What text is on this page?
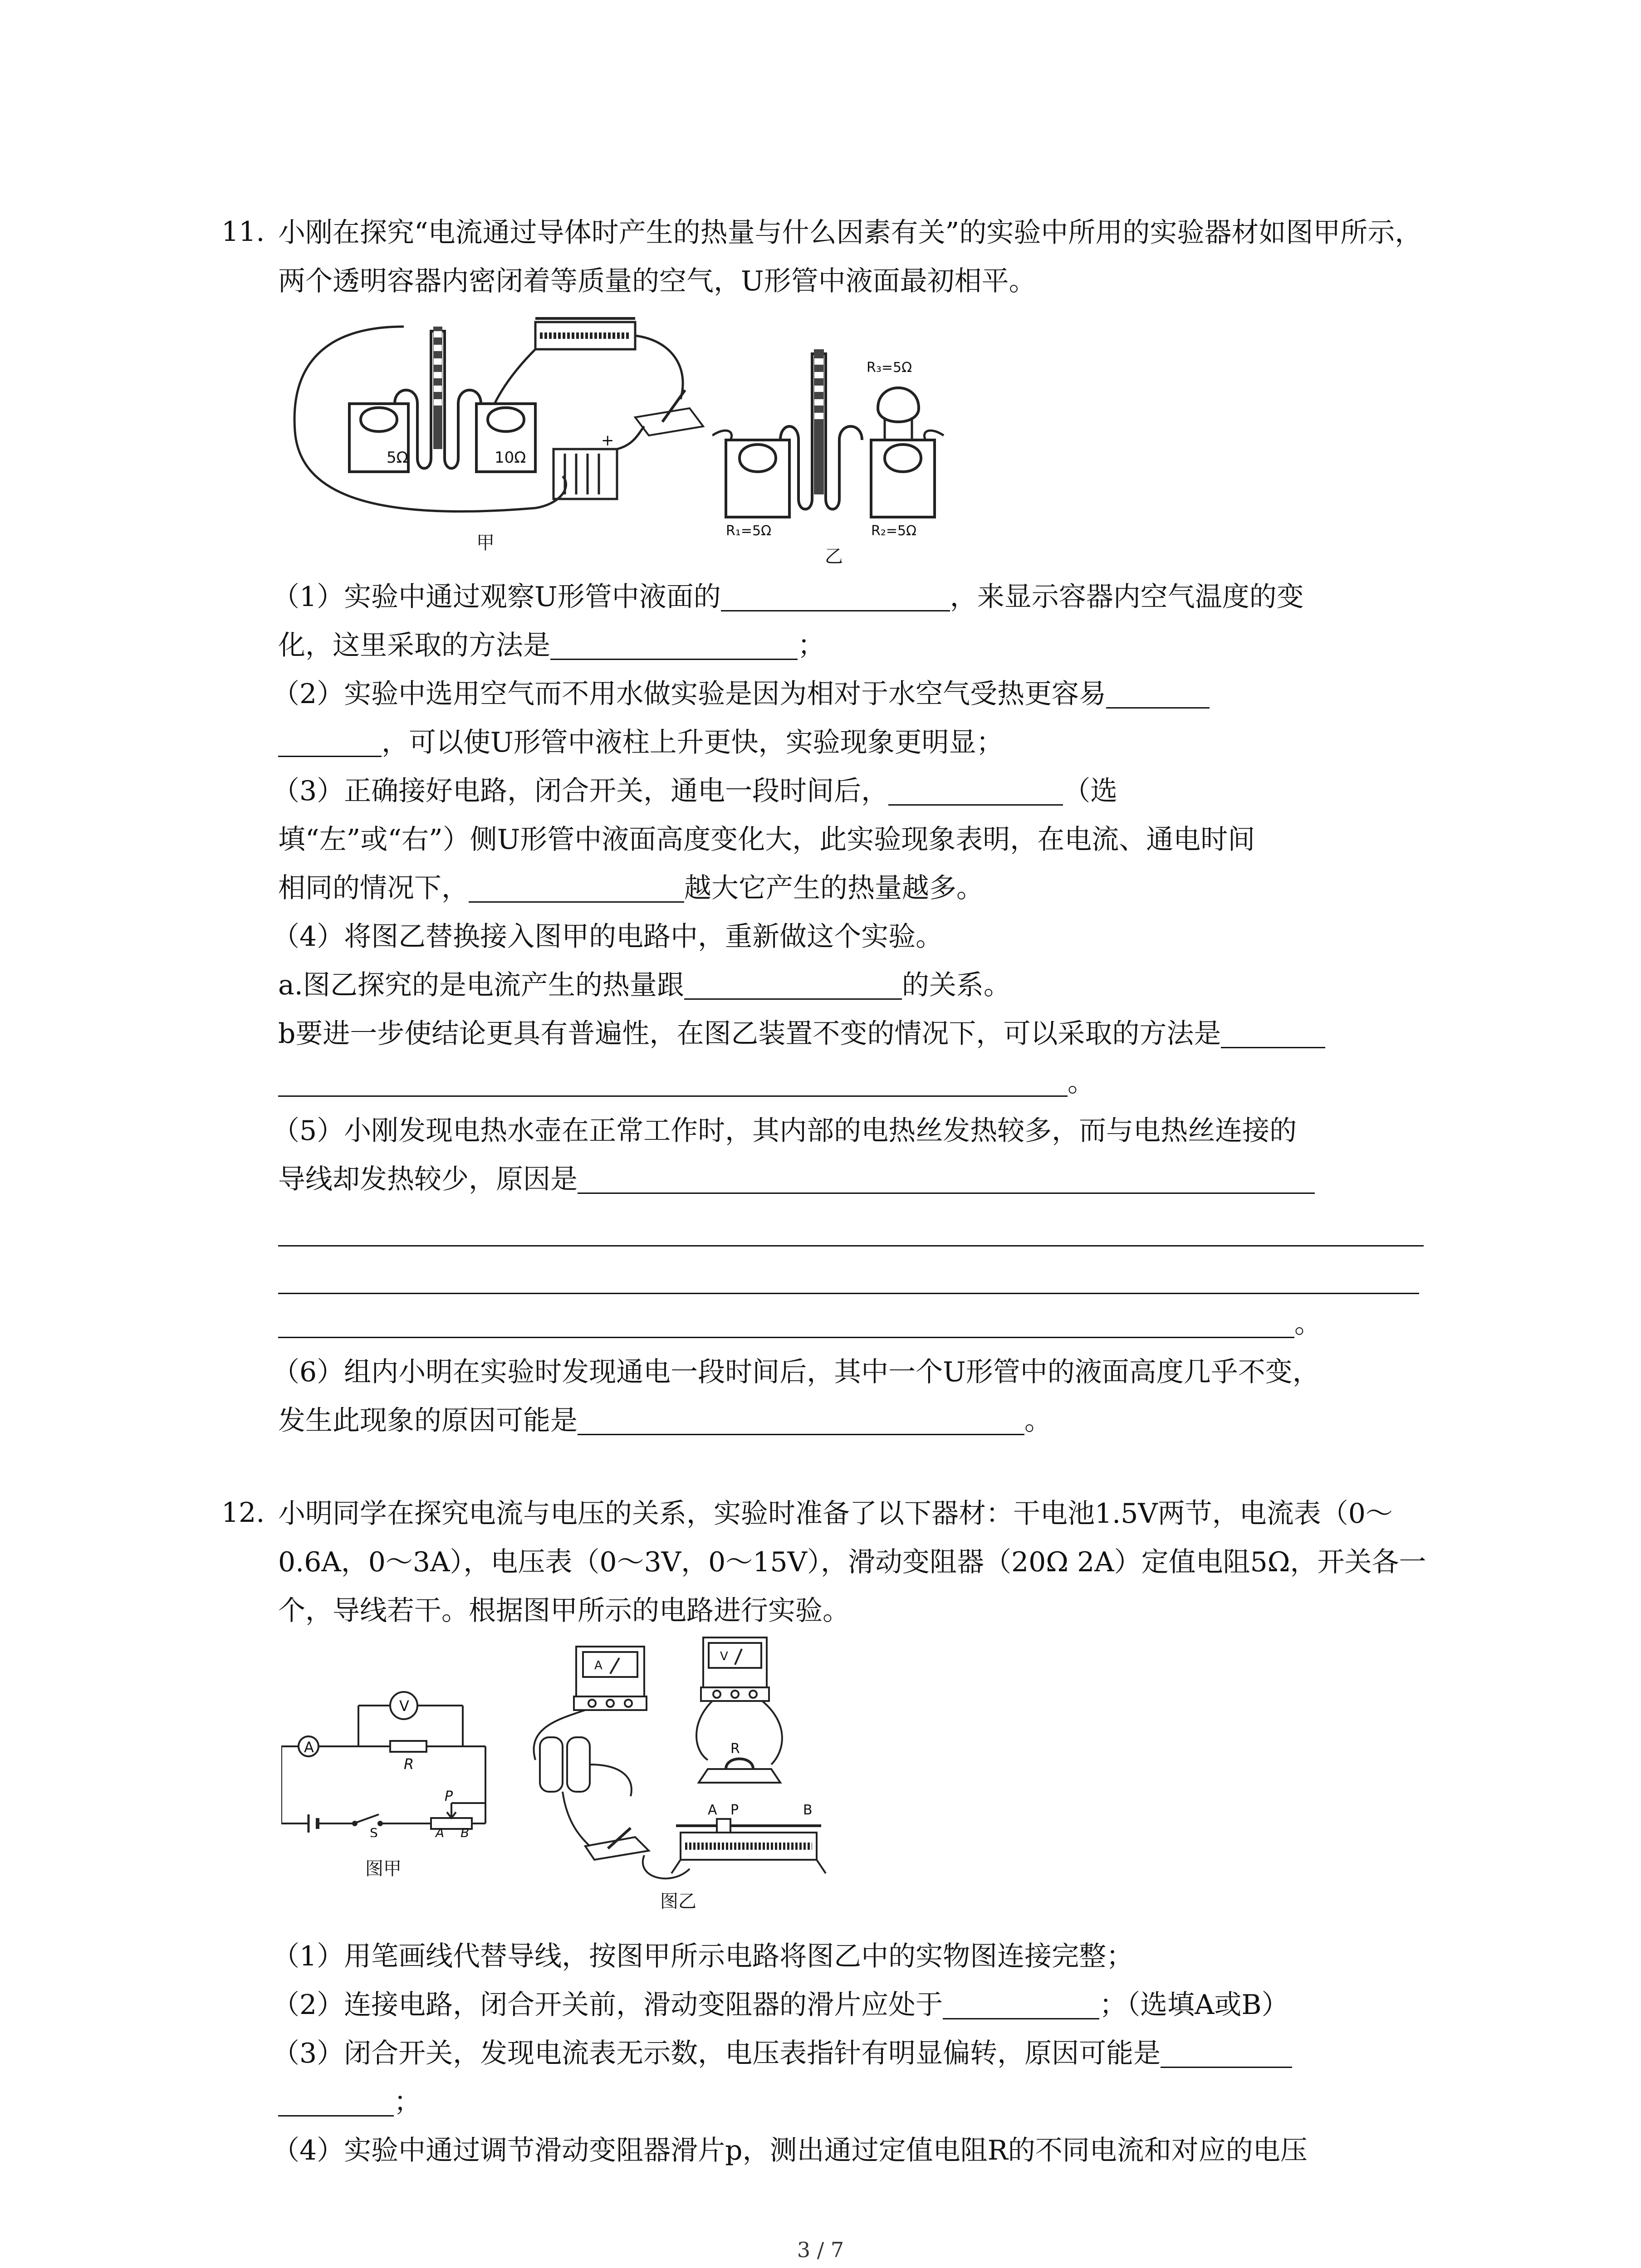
11. 小刚在探究“电流通过导体时产生的热量与什么因素有关”的实验中所用的实验器材如图甲所示，两个透明容器内密闭着等质量的空气，U形管中液面最初相平。
5Ω	10Ω
+
甲
R₃=5Ω
R₁=5Ω	R₂=5Ω
乙
（1）实验中通过观察U形管中液面的	，来显示容器内空气温度的变
化，这里采取的方法是	；
（2）实验中选用空气而不用水做实验是因为相对于水空气受热更容易
，可以使U形管中液柱上升更快，实验现象更明显；
（3）正确接好电路，闭合开关，通电一段时间后，	（选
填“左”或“右”）侧U形管中液面高度变化大，此实验现象表明，在电流、通电时间
相同的情况下，	越大它产生的热量越多。
（4）将图乙替换接入图甲的电路中，重新做这个实验。
a.图乙探究的是电流产生的热量跟	的关系。
b要进一步使结论更具有普遍性，在图乙装置不变的情况下，可以采取的方法是
。
（5）小刚发现电热水壶在正常工作时，其内部的电热丝发热较多，而与电热丝连接的
导线却发热较少，原因是
。
（6）组内小明在实验时发现通电一段时间后，其中一个U形管中的液面高度几乎不变，
发生此现象的原因可能是	。
12. 小明同学在探究电流与电压的关系，实验时准备了以下器材：干电池1.5V两节，电流表（0～0.6A，0～3A），电压表（0～3V，0～15V），滑动变阻器（20Ω 2A）定值电阻5Ω，开关各一个，导线若干。根据图甲所示的电路进行实验。
A
V
R
S
P
A B
图甲
A
V
R
A P	B
图乙
（1）用笔画线代替导线，按图甲所示电路将图乙中的实物图连接完整；
（2）连接电路，闭合开关前，滑动变阻器的滑片应处于	；（选填A或B）
（3）闭合开关，发现电流表无示数，电压表指针有明显偏转，原因可能是
；
（4）实验中通过调节滑动变阻器滑片p，测出通过定值电阻R的不同电流和对应的电压
3 / 7
